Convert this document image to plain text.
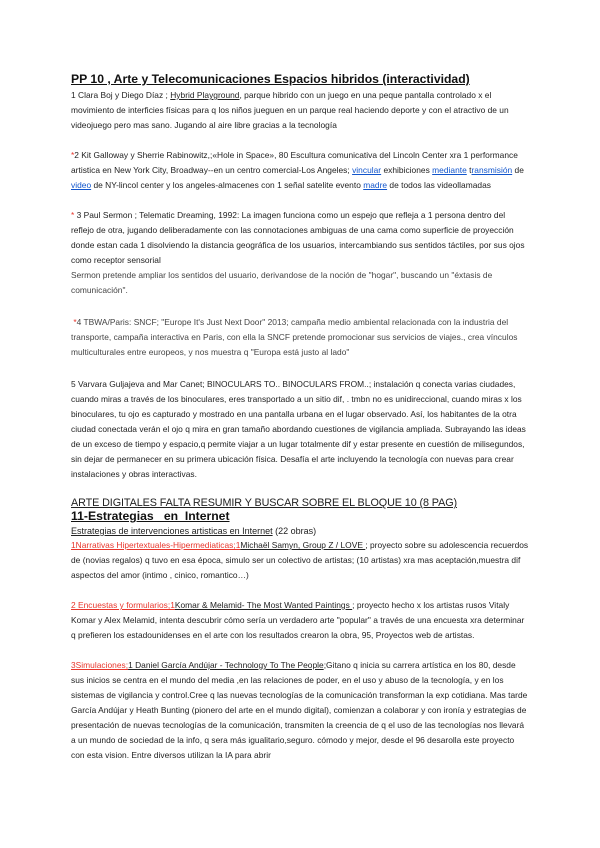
PP 10 , Arte y Telecomunicaciones Espacios hibridos (interactividad)

1 Clara Boj y Diego Díaz ; Hybrid Playground, parque hibrido con un juego en una peque pantalla controlado x el movimiento de interficies físicas para q los niños jueguen en un parque real haciendo deporte y con el atractivo de un videojuego pero mas sano. Jugando al aire libre gracias a la tecnología

*2 Kit Galloway y Sherrie Rabinowitz,;«Hole in Space», 80 Escultura comunicativa del Lincoln Center xra 1 performance artistica en New York City, Broadway--en un centro comercial-Los Angeles; vincular exhibiciones mediante transmisión de video de NY-lincol center y los angeles-almacenes con 1 señal satelite evento madre de todos las videollamadas

* 3 Paul Sermon ; Telematic Dreaming, 1992: La imagen funciona como un espejo que refleja a 1 persona dentro del reflejo de otra, jugando deliberadamente con las connotaciones ambiguas de una cama como superficie de proyección donde estan cada 1 disolviendo la distancia geográfica de los usuarios, intercambiando sus sentidos táctiles, por sus ojos como receptor sensorial
Sermon pretende ampliar los sentidos del usuario, derivandose de la noción de "hogar", buscando un "éxtasis de comunicación".

*4 TBWA/Paris: SNCF; "Europe It's Just Next Door" 2013; campaña medio ambiental relacionada con la industria del transporte, campaña interactiva en Paris, con ella la SNCF pretende promocionar sus servicios de viajes., crea vínculos multiculturales entre europeos, y nos muestra q "Europa está justo al lado"

5 Varvara Guljajeva and Mar Canet; BINOCULARS TO.. BINOCULARS FROM..; instalación q conecta varias ciudades, cuando miras a través de los binoculares, eres transportado a un sitio dif, . tmbn no es unidireccional, cuando miras x los binoculares, tu ojo es capturado y mostrado en una pantalla urbana en el lugar observado. Así, los habitantes de la otra ciudad conectada verán el ojo q mira en gran tamaño abordando cuestiones de vigilancia ampliada. Subrayando las ideas de un exceso de tiempo y espacio,q permite viajar a un lugar totalmente dif y estar presente en cuestión de milisegundos, sin dejar de permanecer en su primera ubicación física. Desafía el arte incluyendo la tecnología con nuevas para crear instalaciones y obras interactivas.

ARTE DIGITALES FALTA RESUMIR Y BUSCAR SOBRE EL BLOQUE 10 (8 PAG)
11-Estrategias _en_Internet
Estrategias de intervenciones artisticas en Internet (22 obras)

1Narrativas Hipertextuales-Hipermediaticas;1Michaël Samyn, Group Z / LOVE ; proyecto sobre su adolescencia recuerdos de (novias regalos) q tuvo en esa época, simulo ser un colectivo de artistas; (10 artistas) xra mas aceptación,muestra dif aspectos del amor (intimo , cinico, romantico…)

2 Encuestas y formularios;1Komar & Melamid- The Most Wanted Paintings ; proyecto hecho x los artistas rusos Vitaly Komar y Alex Melamid, intenta descubrir cómo sería un verdadero arte "popular" a través de una encuesta xra determinar q prefieren los estadounidenses en el arte con los resultados crearon la obra, 95, Proyectos web de artistas.

3Simulaciones;1 Daniel García Andújar - Technology To The People;Gitano q inicia su carrera artística en los 80, desde sus inicios se centra en el mundo del media ,en las relaciones de poder, en el uso y abuso de la tecnología, y en los sistemas de vigilancia y control.Cree q las nuevas tecnologías de la comunicación transforman la exp cotidiana. Mas tarde García Andújar y Heath Bunting (pionero del arte en el mundo digital), comienzan a colaborar y con ironía y estrategias de presentación de nuevas tecnologías de la comunicación, transmiten la creencia de q el uso de las tecnologías nos llevará a un mundo de sociedad de la info, q sera más igualitario,seguro. cómodo y mejor, desde el 96 desarolla este proyecto con esta vision. Entre diversos utilizan la IA para abrir
